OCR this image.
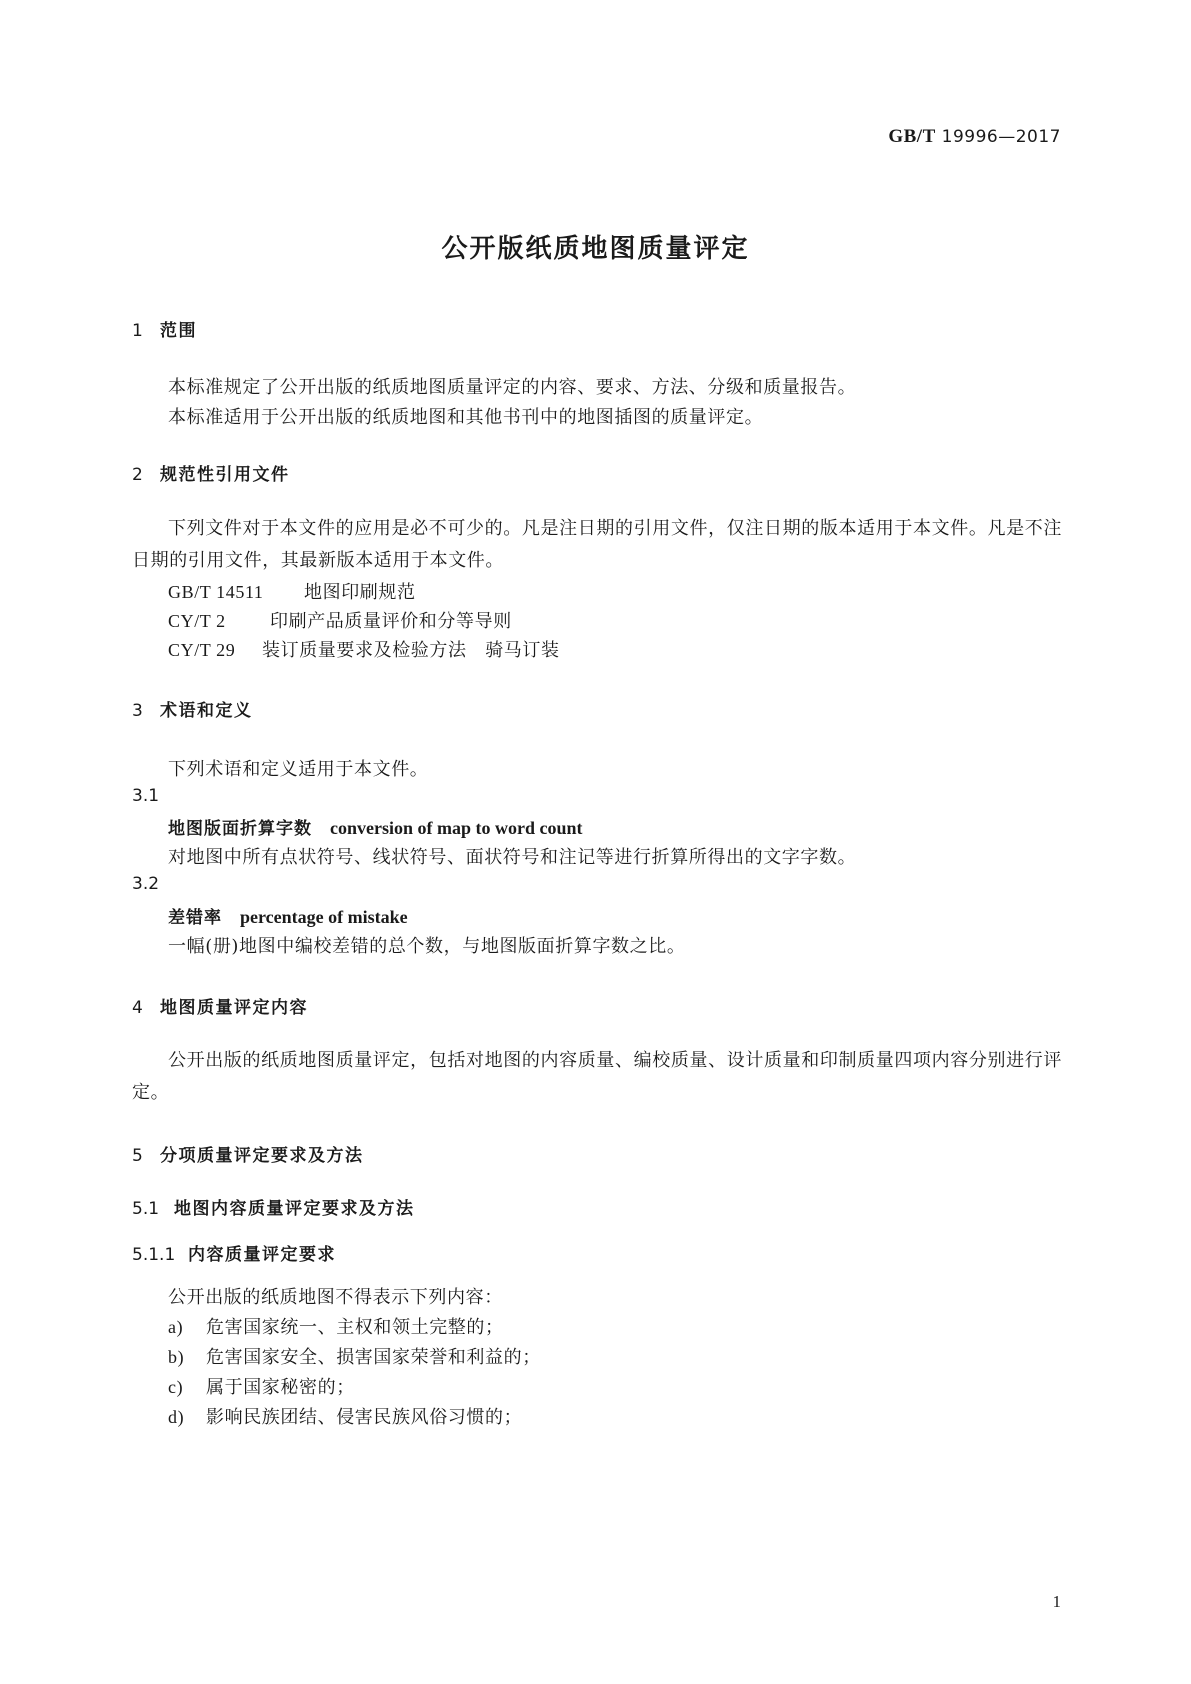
GB/T 19996—2017
公开版纸质地图质量评定
1 范围
本标准规定了公开出版的纸质地图质量评定的内容、要求、方法、分级和质量报告。
本标准适用于公开出版的纸质地图和其他书刊中的地图插图的质量评定。
2 规范性引用文件
下列文件对于本文件的应用是必不可少的。凡是注日期的引用文件，仅注日期的版本适用于本文件。凡是不注日期的引用文件，其最新版本适用于本文件。
GB/T 14511 地图印刷规范
CY/T 2 印刷产品质量评价和分等导则
CY/T 29 装订质量要求及检验方法　骑马订装
3 术语和定义
下列术语和定义适用于本文件。
3.1
地图版面折算字数 conversion of map to word count
对地图中所有点状符号、线状符号、面状符号和注记等进行折算所得出的文字字数。
3.2
差错率 percentage of mistake
一幅(册)地图中编校差错的总个数，与地图版面折算字数之比。
4 地图质量评定内容
公开出版的纸质地图质量评定，包括对地图的内容质量、编校质量、设计质量和印制质量四项内容分别进行评定。
5 分项质量评定要求及方法
5.1 地图内容质量评定要求及方法
5.1.1 内容质量评定要求
公开出版的纸质地图不得表示下列内容：
a) 危害国家统一、主权和领土完整的；
b) 危害国家安全、损害国家荣誉和利益的；
c) 属于国家秘密的；
d) 影响民族团结、侵害民族风俗习惯的；
1
